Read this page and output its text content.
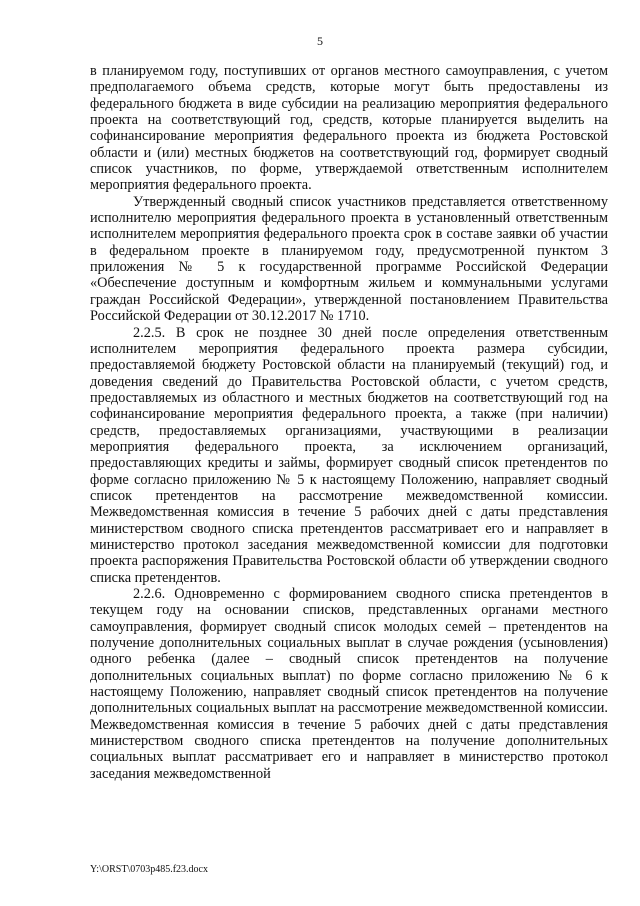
5

в планируемом году, поступивших от органов местного самоуправления, с учетом предполагаемого объема средств, которые могут быть предоставлены из федерального бюджета в виде субсидии на реализацию мероприятия федерального проекта на соответствующий год, средств, которые планируется выделить на софинансирование мероприятия федерального проекта из бюджета Ростовской области и (или) местных бюджетов на соответствующий год, формирует сводный список участников, по форме, утверждаемой ответственным исполнителем мероприятия федерального проекта.

Утвержденный сводный список участников представляется ответственному исполнителю мероприятия федерального проекта в установленный ответственным исполнителем мероприятия федерального проекта срок в составе заявки об участии в федеральном проекте в планируемом году, предусмотренной пунктом 3 приложения № 5 к государственной программе Российской Федерации «Обеспечение доступным и комфортным жильем и коммунальными услугами граждан Российской Федерации», утвержденной постановлением Правительства Российской Федерации от 30.12.2017 № 1710.

2.2.5. В срок не позднее 30 дней после определения ответственным исполнителем мероприятия федерального проекта размера субсидии, предоставляемой бюджету Ростовской области на планируемый (текущий) год, и доведения сведений до Правительства Ростовской области, с учетом средств, предоставляемых из областного и местных бюджетов на соответствующий год на софинансирование мероприятия федерального проекта, а также (при наличии) средств, предоставляемых организациями, участвующими в реализации мероприятия федерального проекта, за исключением организаций, предоставляющих кредиты и займы, формирует сводный список претендентов по форме согласно приложению № 5 к настоящему Положению, направляет сводный список претендентов на рассмотрение межведомственной комиссии. Межведомственная комиссия в течение 5 рабочих дней с даты представления министерством сводного списка претендентов рассматривает его и направляет в министерство протокол заседания межведомственной комиссии для подготовки проекта распоряжения Правительства Ростовской области об утверждении сводного списка претендентов.

2.2.6. Одновременно с формированием сводного списка претендентов в текущем году на основании списков, представленных органами местного самоуправления, формирует сводный список молодых семей – претендентов на получение дополнительных социальных выплат в случае рождения (усыновления) одного ребенка (далее – сводный список претендентов на получение дополнительных социальных выплат) по форме согласно приложению № 6 к настоящему Положению, направляет сводный список претендентов на получение дополнительных социальных выплат на рассмотрение межведомственной комиссии. Межведомственная комиссия в течение 5 рабочих дней с даты представления министерством сводного списка претендентов на получение дополнительных социальных выплат рассматривает его и направляет в министерство протокол заседания межведомственной

Y:\ORST\0703p485.f23.docx
